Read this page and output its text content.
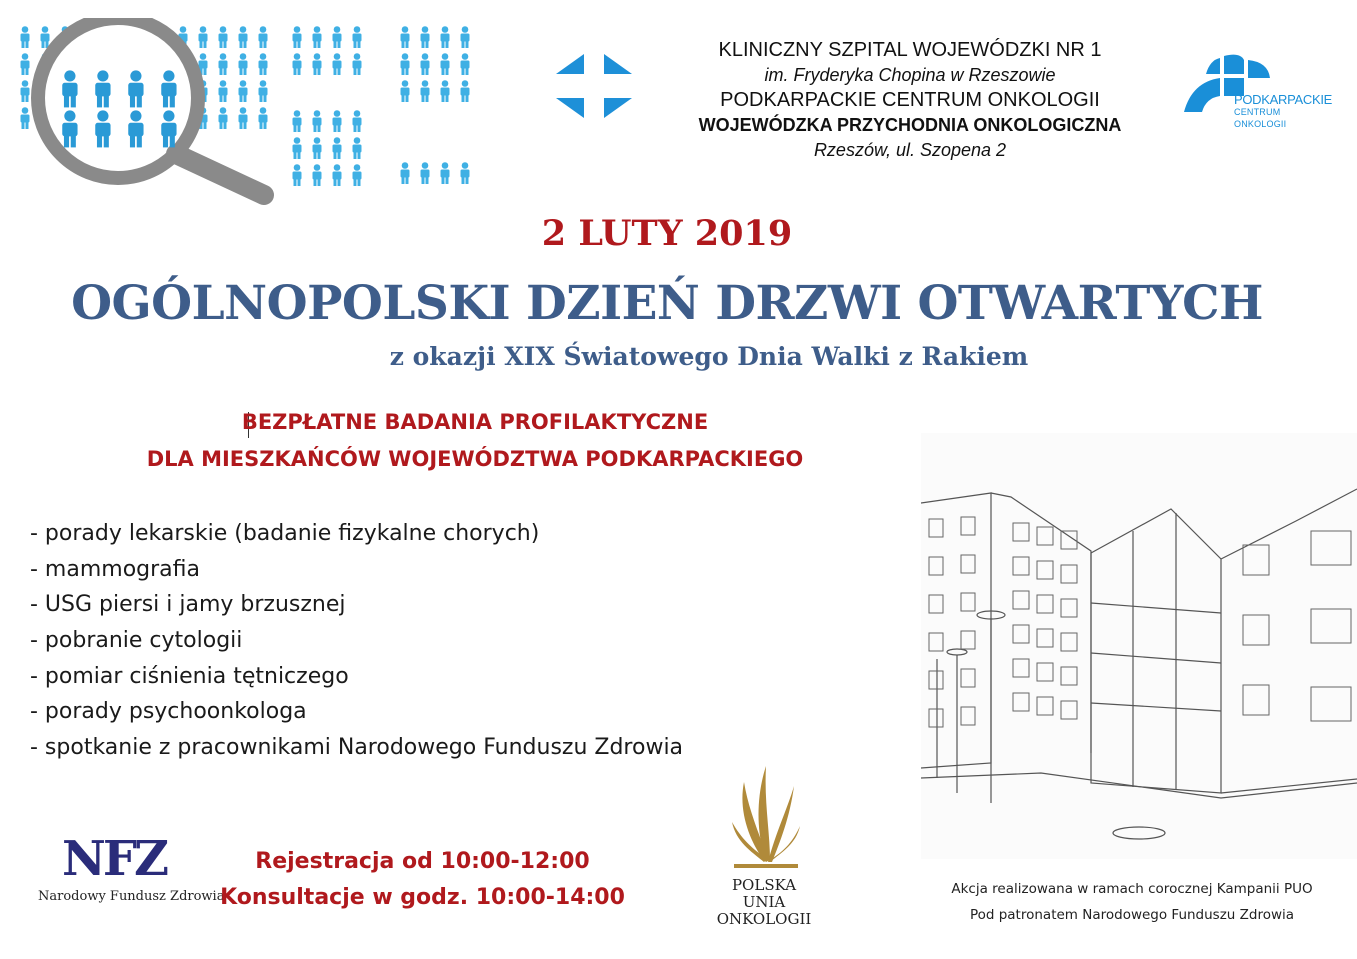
KLINICZNY SZPITAL WOJEWÓDZKI NR 1
im. Fryderyka Chopina w Rzeszowie
PODKARPACKIE CENTRUM ONKOLOGII
WOJEWÓDZKA PRZYCHODNIA ONKOLOGICZNA
Rzeszów, ul. Szopena 2
PODKARPACKIE
CENTRUM ONKOLOGII
2 LUTY 2019
OGÓLNOPOLSKI DZIEŃ DRZWI OTWARTYCH
z okazji XIX Światowego Dnia Walki z Rakiem
BEZPŁATNE BADANIA PROFILAKTYCZNE
DLA MIESZKAŃCÓW WOJEWÓDZTWA PODKARPACKIEGO
- porady lekarskie (badanie fizykalne chorych)
- mammografia
- USG piersi i jamy brzusznej
- pobranie cytologii
- pomiar ciśnienia tętniczego
- porady psychoonkologa
- spotkanie z pracownikami Narodowego Funduszu Zdrowia
NFZ
Narodowy Fundusz Zdrowia
Rejestracja od 10:00-12:00
Konsultacje w godz. 10:00-14:00	POLSKA
UNIA
ONKOLOGII
Akcja realizowana w ramach corocznej Kampanii PUO
Pod patronatem Narodowego Funduszu Zdrowia
